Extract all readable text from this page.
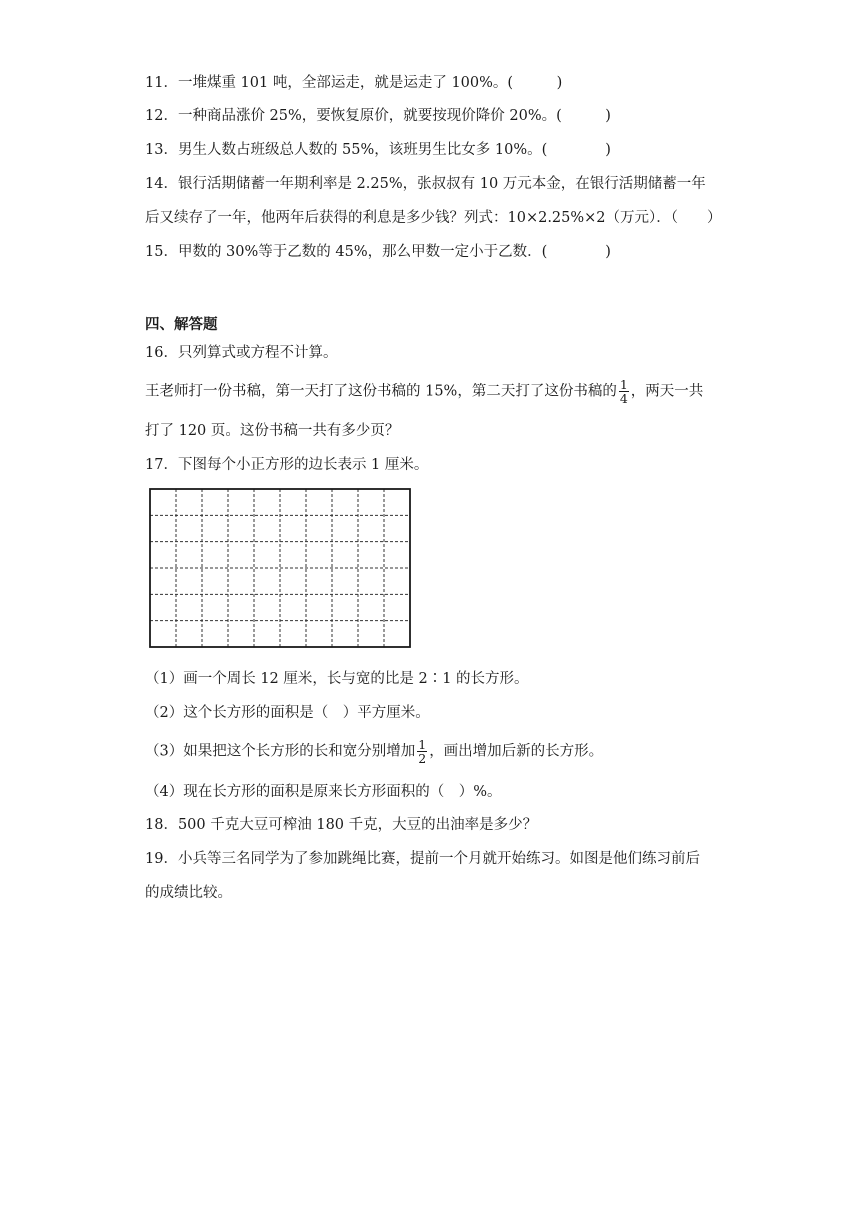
11．一堆煤重 101 吨，全部运走，就是运走了 100%。(　　　)
12．一种商品涨价 25%，要恢复原价，就要按现价降价 20%。(　　　)
13．男生人数占班级总人数的 55%，该班男生比女多 10%。(　　　　)
14．银行活期储蓄一年期利率是 2.25%，张叔叔有 10 万元本金，在银行活期储蓄一年
后又续存了一年，他两年后获得的利息是多少钱？列式：10×2.25%×2（万元）．（　　）
15．甲数的 30%等于乙数的 45%，那么甲数一定小于乙数．(　　　　)
四、解答题
16．只列算式或方程不计算。
王老师打一份书稿，第一天打了这份书稿的 15%，第二天打了这份书稿的 $\frac{1}{4}$ ，两天一共
打了 120 页。这份书稿一共有多少页？
17．下图每个小正方形的边长表示 1 厘米。
（1）画一个周长 12 厘米，长与宽的比是 2∶1 的长方形。
（2）这个长方形的面积是（　）平方厘米。
（3）如果把这个长方形的长和宽分别增加 $\frac{1}{2}$ ，画出增加后新的长方形。
（4）现在长方形的面积是原来长方形面积的（　）%。
18．500 千克大豆可榨油 180 千克，大豆的出油率是多少？
19．小兵等三名同学为了参加跳绳比赛，提前一个月就开始练习。如图是他们练习前后
的成绩比较。
